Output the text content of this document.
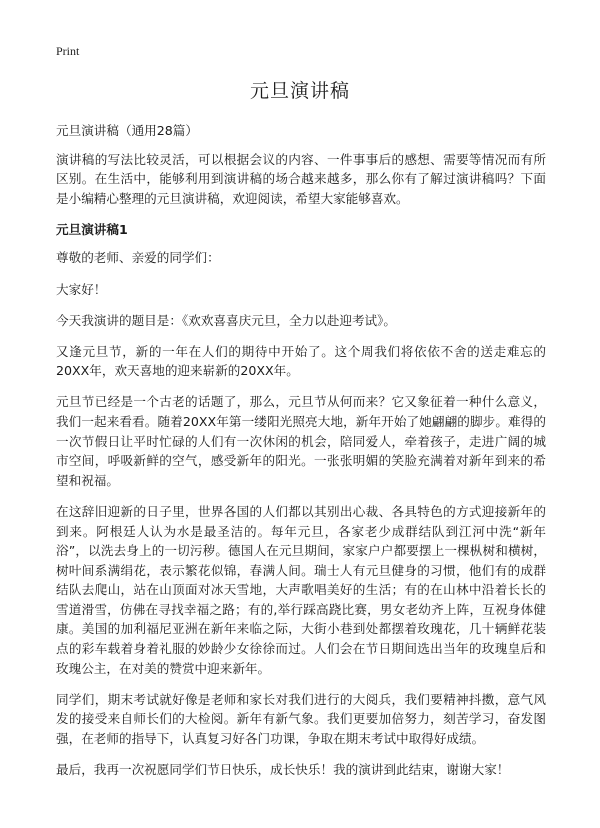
Print
元旦演讲稿

元旦演讲稿（通用28篇）

演讲稿的写法比较灵活，可以根据会议的内容、一件事事后的感想、需要等情况而有所区别。在生活中，能够利用到演讲稿的场合越来越多，那么你有了解过演讲稿吗？下面是小编精心整理的元旦演讲稿，欢迎阅读，希望大家能够喜欢。

元旦演讲稿1

尊敬的老师、亲爱的同学们：

大家好！

今天我演讲的题目是：《欢欢喜喜庆元旦，全力以赴迎考试》。

又逢元旦节，新的一年在人们的期待中开始了。这个周我们将依依不舍的送走难忘的20XX年，欢天喜地的迎来崭新的20XX年。

元旦节已经是一个古老的话题了，那么，元旦节从何而来？它又象征着一种什么意义，我们一起来看看。随着20XX年第一缕阳光照亮大地，新年开始了她翩翩的脚步。难得的一次节假日让平时忙碌的人们有一次休闲的机会，陪同爱人，牵着孩子，走进广阔的城市空间，呼吸新鲜的空气，感受新年的阳光。一张张明媚的笑脸充满着对新年到来的希望和祝福。

在这辞旧迎新的日子里，世界各国的人们都以其别出心裁、各具特色的方式迎接新年的到来。阿根廷人认为水是最圣洁的。每年元旦，各家老少成群结队到江河中洗“新年浴”，以洗去身上的一切污秽。德国人在元旦期间，家家户户都要摆上一棵枞树和横树，树叶间系满绢花，表示繁花似锦，春满人间。瑞士人有元旦健身的习惯，他们有的成群结队去爬山，站在山顶面对冰天雪地，大声歌唱美好的生活；有的在山林中沿着长长的雪道滑雪，仿佛在寻找幸福之路；有的,举行踩高跷比赛，男女老幼齐上阵，互祝身体健康。美国的加利福尼亚洲在新年来临之际，大街小巷到处都摆着玫瑰花，几十辆鲜花装点的彩车载着身着礼服的妙龄少女徐徐而过。人们会在节日期间选出当年的玫瑰皇后和玫瑰公主，在对美的赞赏中迎来新年。

同学们，期末考试就好像是老师和家长对我们进行的大阅兵，我们要精神抖擞，意气风发的接受来自师长们的大检阅。新年有新气象。我们更要加倍努力，刻苦学习，奋发图强，在老师的指导下，认真复习好各门功课，争取在期末考试中取得好成绩。

最后，我再一次祝愿同学们节日快乐，成长快乐！我的演讲到此结束，谢谢大家！
